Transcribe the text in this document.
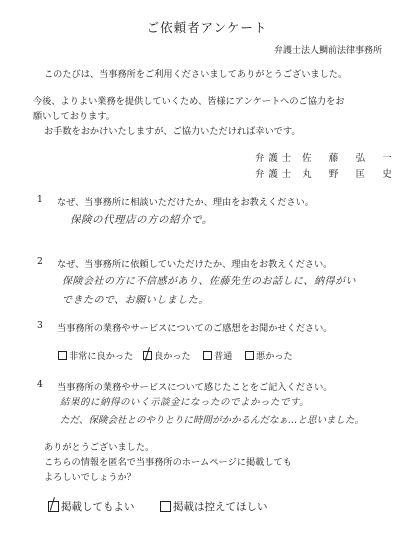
ご依頼者アンケート
弁護士法人鯛前法律事務所
このたびは、当事務所をご利用くださいましてありがとうございました。
今後、よりよい業務を提供していくため、皆様にアンケートへのご協力をお
願いしております。
お手数をおかけいたしますが、ご協力いただければ幸いです。
弁護士 佐　藤　弘　一
弁護士 丸　野　匡　史
1 なぜ、当事務所に相談いただけたか、理由をお教えください。
保険の代理店の方の紹介で。
2 なぜ、当事務所に依頼していただけたか、理由をお教えください。
保険会社の方に不信感があり、佐藤先生のお話しに、納得がい
できたので、お願いしました。
3 当事務所の業務やサービスについてのご感想をお聞かせください。
非常に良かった 良かった	普通	悪かった
4 当事務所の業務やサービスについて感じたことをご記入ください。
結果的に納得のいく示談金になったのでよかったです。
ただ、保険会社とのやりとりに時間がかかるんだなぁ…と思いました。
ありがとうございました。
こちらの情報を匿名で当事務所のホームページに掲載しても
よろしいでしょうか？
掲載してもよい	掲載は控えてほしい
